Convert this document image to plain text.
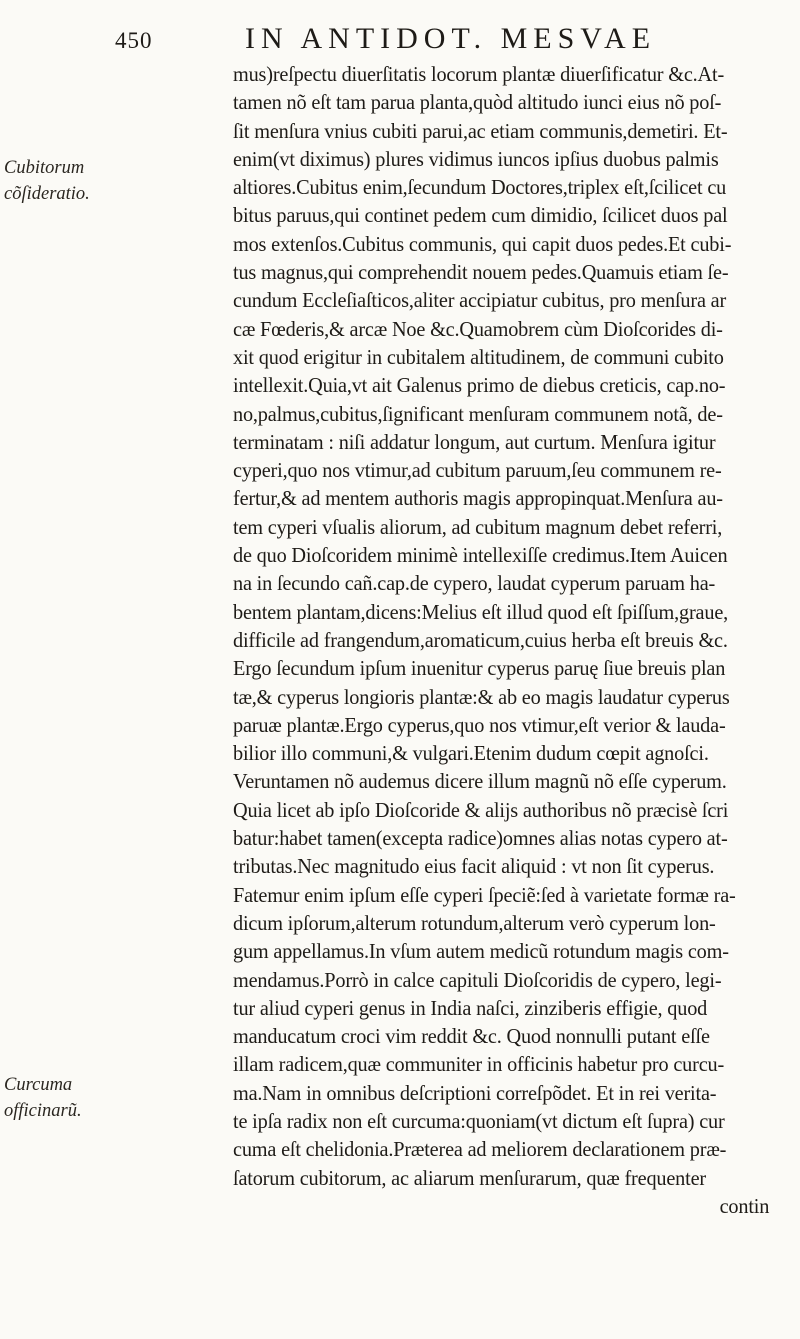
450	IN ANTIDOT. MESVAE
Cubitorum
cõſideratio.
Curcuma
officinarũ.
mus)reſpectu diuerſitatis locorum plantæ diuerſificatur &c.At-
tamen nõ eſt tam parua planta,quòd altitudo iunci eius nõ poſ-
ſit menſura vnius cubiti parui,ac etiam communis,demetiri. Et-
enim(vt diximus) plures vidimus iuncos ipſius duobus palmis
altiores.Cubitus enim,ſecundum Doctores,triplex eſt,ſcilicet cu
bitus paruus,qui continet pedem cum dimidio, ſcilicet duos pal
mos extenſos.Cubitus communis, qui capit duos pedes.Et cubi-
tus magnus,qui comprehendit nouem pedes.Quamuis etiam ſe-
cundum Eccleſiaſticos,aliter accipiatur cubitus, pro menſura ar
cæ Fœderis,& arcæ Noe &c.Quamobrem cùm Dioſcorides di-
xit quod erigitur in cubitalem altitudinem, de communi cubito
intellexit.Quia,vt ait Galenus primo de diebus creticis, cap.no-
no,palmus,cubitus,ſignificant menſuram communem notã, de-
terminatam : niſi addatur longum, aut curtum. Menſura igitur
cyperi,quo nos vtimur,ad cubitum paruum,ſeu communem re-
fertur,& ad mentem authoris magis appropinquat.Menſura au-
tem cyperi vſualis aliorum, ad cubitum magnum debet referri,
de quo Dioſcoridem minimè intellexiſſe credimus.Item Auicen
na in ſecundo cañ.cap.de cypero, laudat cyperum paruam ha-
bentem plantam,dicens:Melius eſt illud quod eſt ſpiſſum,graue,
difficile ad frangendum,aromaticum,cuius herba eſt breuis &c.
Ergo ſecundum ipſum inuenitur cyperus paruę ſiue breuis plan
tæ,& cyperus longioris plantæ:& ab eo magis laudatur cyperus
paruæ plantæ.Ergo cyperus,quo nos vtimur,eſt verior & lauda-
bilior illo communi,& vulgari.Etenim dudum cœpit agnoſci.
Veruntamen nõ audemus dicere illum magnũ nõ eſſe cyperum.
Quia licet ab ipſo Dioſcoride & alijs authoribus nõ præcisè ſcri
batur:habet tamen(excepta radice)omnes alias notas cypero at-
tributas.Nec magnitudo eius facit aliquid : vt non ſit cyperus.
Fatemur enim ipſum eſſe cyperi ſpeciẽ:ſed à varietate formæ ra-
dicum ipſorum,alterum rotundum,alterum verò cyperum lon-
gum appellamus.In vſum autem medicũ rotundum magis com-
mendamus.Porrò in calce capituli Dioſcoridis de cypero, legi-
tur aliud cyperi genus in India naſci, zinziberis effigie, quod
manducatum croci vim reddit &c. Quod nonnulli putant eſſe
illam radicem,quæ communiter in officinis habetur pro curcu-
ma.Nam in omnibus deſcriptioni correſpõdet. Et in rei verita-
te ipſa radix non eſt curcuma:quoniam(vt dictum eſt ſupra) cur
cuma eſt chelidonia.Præterea ad meliorem declarationem præ-
ſatorum cubitorum, ac aliarum menſurarum, quæ frequenter
contin
